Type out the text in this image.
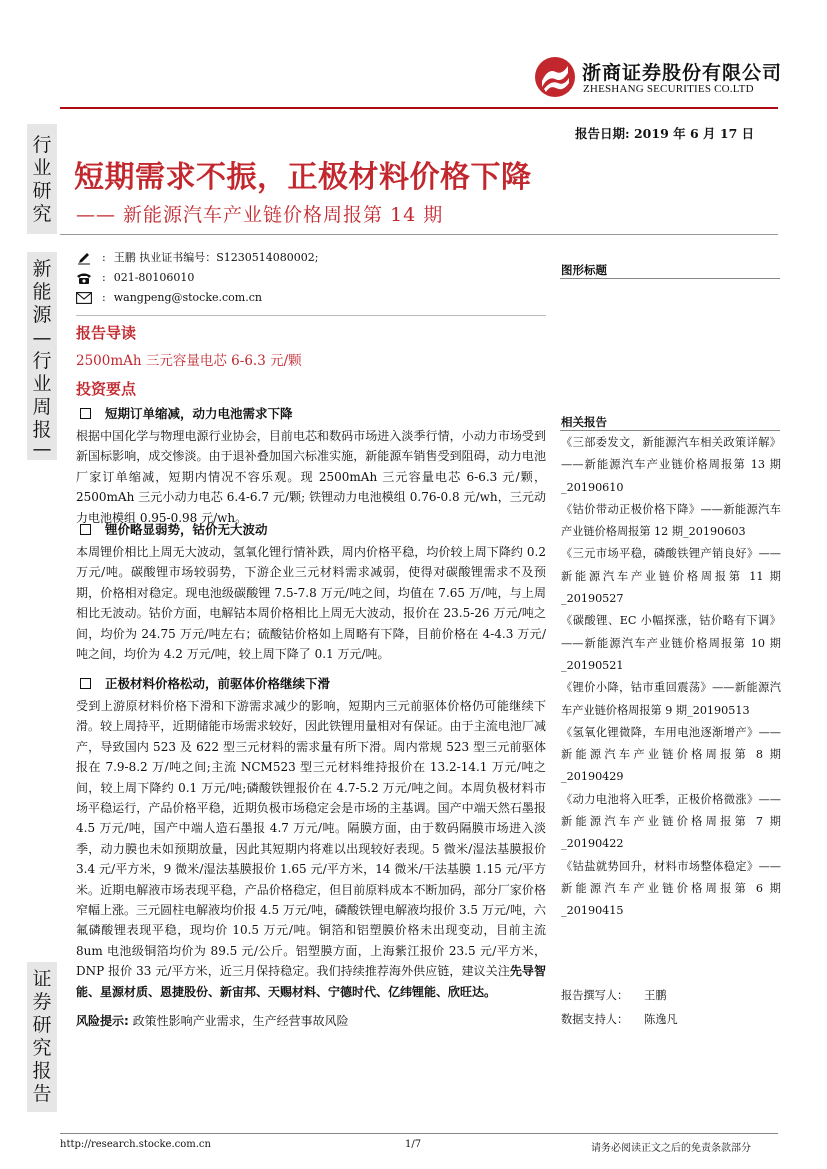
浙商证券股份有限公司
ZHESHANG SECURITIES CO.LTD
行
业
研
究
新
能
源
—
行
业
周
报
—
证
券
研
究
报
告
报告日期: 2019 年 6 月 17 日
短期需求不振，正极材料价格下降
—— 新能源汽车产业链价格周报第 14 期
: 王鹏 执业证书编号：S1230514080002;
: 021-80106010
: wangpeng@stocke.com.cn
报告导读
2500mAh 三元容量电芯 6-6.3 元/颗
投资要点
短期订单缩减，动力电池需求下降
根据中国化学与物理电源行业协会，目前电芯和数码市场进入淡季行情，小动力市场受到新国标影响，成交惨淡。由于退补叠加国六标准实施，新能源车销售受到阻碍，动力电池厂家订单缩减，短期内情况不容乐观。现 2500mAh 三元容量电芯 6-6.3 元/颗，2500mAh 三元小动力电芯 6.4-6.7 元/颗; 铁锂动力电池模组 0.76-0.8 元/wh，三元动力电池模组 0.95-0.98 元/wh。
锂价略显弱势，钴价无大波动
本周锂价相比上周无大波动，氢氧化锂行情补跌，周内价格平稳，均价较上周下降约 0.2 万元/吨。碳酸锂市场较弱势，下游企业三元材料需求减弱，使得对碳酸锂需求不及预期，价格相对稳定。现电池级碳酸锂 7.5-7.8 万元/吨之间，均值在 7.65 万/吨，与上周相比无波动。钴价方面，电解钴本周价格相比上周无大波动，报价在 23.5-26 万元/吨之间，均价为 24.75 万元/吨左右；硫酸钴价格如上周略有下降，目前价格在 4-4.3 万元/吨之间，均价为 4.2 万元/吨，较上周下降了 0.1 万元/吨。
正极材料价格松动，前驱体价格继续下滑
受到上游原材料价格下滑和下游需求减少的影响，短期内三元前驱体价格仍可能继续下滑。较上周持平，近期储能市场需求较好，因此铁锂用量相对有保证。由于主流电池厂减产，导致国内 523 及 622 型三元材料的需求量有所下滑。周内常规 523 型三元前驱体报在 7.9-8.2 万/吨之间;主流 NCM523 型三元材料维持报价在 13.2-14.1 万元/吨之间，较上周下降约 0.1 万元/吨;磷酸铁锂报价在 4.7-5.2 万元/吨之间。本周负极材料市场平稳运行，产品价格平稳，近期负极市场稳定会是市场的主基调。国产中端天然石墨报 4.5 万元/吨，国产中端人造石墨报 4.7 万元/吨。隔膜方面，由于数码隔膜市场进入淡季，动力膜也未如预期放量，因此其短期内将难以出现较好表现。5 微米/湿法基膜报价 3.4 元/平方米，9 微米/湿法基膜报价 1.65 元/平方米，14 微米/干法基膜 1.15 元/平方米。近期电解液市场表现平稳，产品价格稳定，但目前原料成本不断加码，部分厂家价格窄幅上涨。三元圆柱电解液均价报 4.5 万元/吨，磷酸铁锂电解液均报价 3.5 万元/吨，六氟磷酸锂表现平稳，现均价 10.5 万元/吨。铜箔和铝塑膜价格未出现变动，目前主流 8um 电池级铜箔均价为 89.5 元/公斤。铝塑膜方面，上海紫江报价 23.5 元/平方米，DNP 报价 33 元/平方米，近三月保持稳定。我们持续推荐海外供应链，建议关注先导智能、星源材质、恩捷股份、新宙邦、天赐材料、宁德时代、亿纬锂能、欣旺达。
风险提示: 政策性影响产业需求，生产经营事故风险
图形标题
相关报告

《三部委发文，新能源汽车相关政策详解》——新能源汽车产业链价格周报第 13 期_20190610

《钴价带动正极价格下降》——新能源汽车产业链价格周报第 12 期_20190603

《三元市场平稳，磷酸铁锂产销良好》——新能源汽车产业链价格周报第 11 期_20190527

《碳酸锂、EC 小幅探涨，钴价略有下调》——新能源汽车产业链价格周报第 10 期_20190521

《锂价小降，钴市重回震荡》——新能源汽车产业链价格周报第 9 期_20190513

《氢氧化锂微降，车用电池逐渐增产》——新能源汽车产业链价格周报第 8 期_20190429

《动力电池将入旺季，正极价格微涨》——新能源汽车产业链价格周报第 7 期_20190422

《钴盐就势回升，材料市场整体稳定》——新能源汽车产业链价格周报第 6 期_20190415

报告撰写人： 王鹏
数据支持人： 陈逸凡
http://research.stocke.com.cn	1/7	请务必阅读正文之后的免责条款部分
